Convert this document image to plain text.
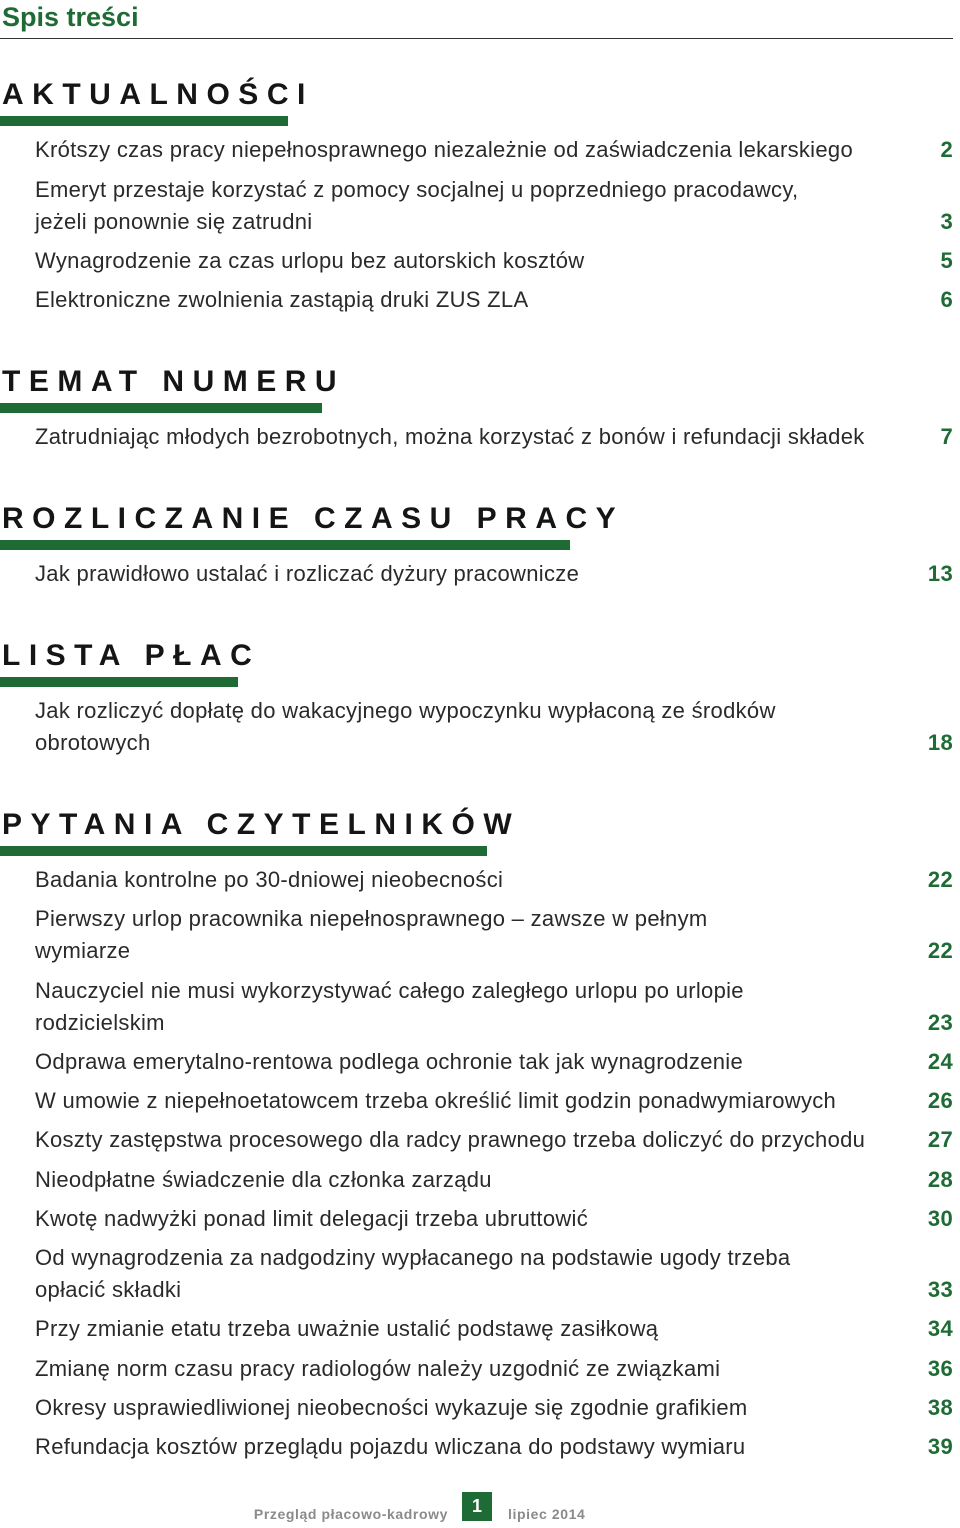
Spis treści
AKTUALNOŚCI
Krótszy czas pracy niepełnosprawnego niezależnie od zaświadczenia lekarskiego	2
Emeryt przestaje korzystać z pomocy socjalnej u poprzedniego pracodawcy, jeżeli ponownie się zatrudni	3
Wynagrodzenie za czas urlopu bez autorskich kosztów	5
Elektroniczne zwolnienia zastąpią druki ZUS ZLA	6
TEMAT NUMERU
Zatrudniając młodych bezrobotnych, można korzystać z bonów i refundacji składek	7
ROZLICZANIE CZASU PRACY
Jak prawidłowo ustalać i rozliczać dyżury pracownicze	13
LISTA PŁAC
Jak rozliczyć dopłatę do wakacyjnego wypoczynku wypłaconą ze środków obrotowych	18
PYTANIA CZYTELNIKÓW
Badania kontrolne po 30-dniowej nieobecności	22
Pierwszy urlop pracownika niepełnosprawnego – zawsze w pełnym wymiarze	22
Nauczyciel nie musi wykorzystywać całego zaległego urlopu po urlopie rodzicielskim	23
Odprawa emerytalno-rentowa podlega ochronie tak jak wynagrodzenie	24
W umowie z niepełnoetatowcem trzeba określić limit godzin ponadwymiarowych	26
Koszty zastępstwa procesowego dla radcy prawnego trzeba doliczyć do przychodu	27
Nieodpłatne świadczenie dla członka zarządu	28
Kwotę nadwyżki ponad limit delegacji trzeba ubruttowić	30
Od wynagrodzenia za nadgodziny wypłacanego na podstawie ugody trzeba opłacić składki	33
Przy zmianie etatu trzeba uważnie ustalić podstawę zasiłkową	34
Zmianę norm czasu pracy radiologów należy uzgodnić ze związkami	36
Okresy usprawiedliwionej nieobecności wykazuje się zgodnie grafikiem	38
Refundacja kosztów przeglądu pojazdu wliczana do podstawy wymiaru	39
Przegląd płacowo-kadrowy	1	lipiec 2014
